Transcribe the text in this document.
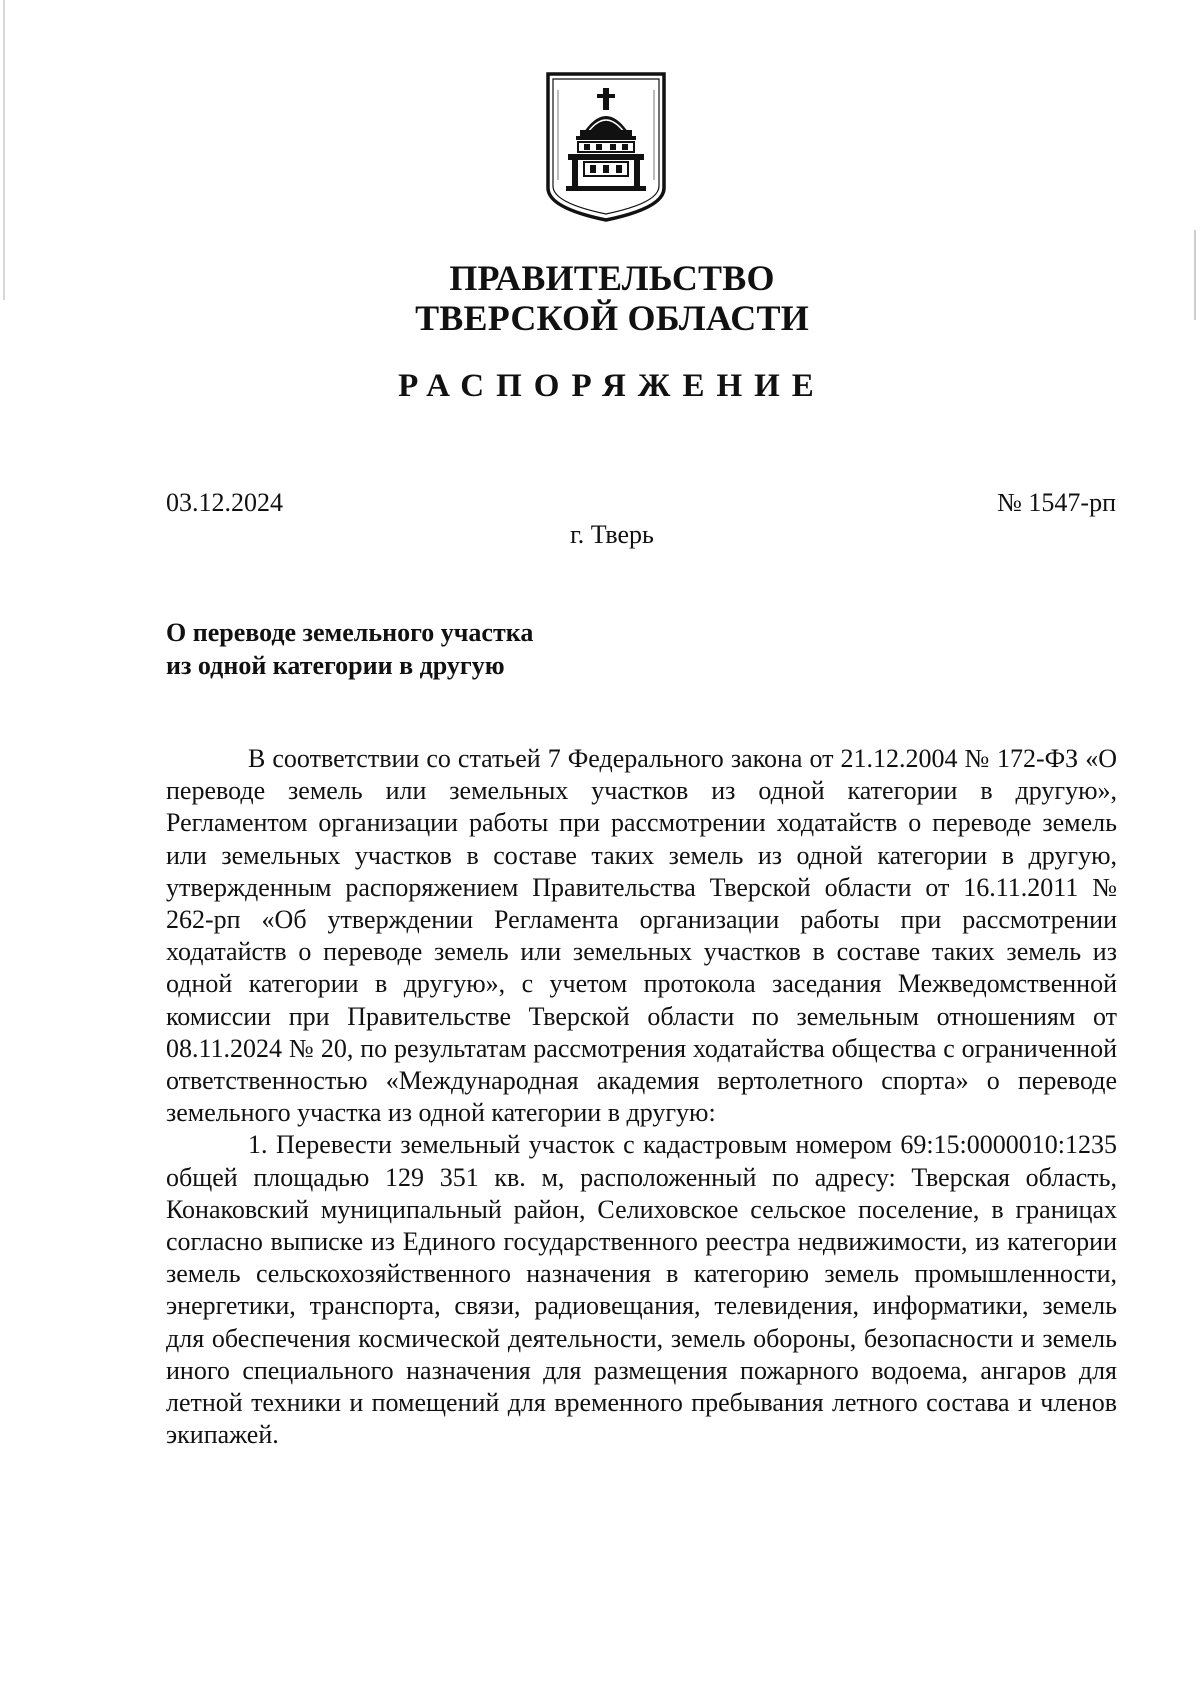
ПРАВИТЕЛЬСТВО
ТВЕРСКОЙ ОБЛАСТИ
РАСПОРЯЖЕНИЕ
03.12.2024	№ 1547-рп
г. Тверь
О переводе земельного участка
из одной категории в другую

В соответствии со статьей 7 Федерального закона от 21.12.2004 № 172-ФЗ «О переводе земель или земельных участков из одной категории в другую», Регламентом организации работы при рассмотрении ходатайств о переводе земель или земельных участков в составе таких земель из одной категории в другую, утвержденным распоряжением Правительства Тверской области от 16.11.2011 № 262-рп «Об утверждении Регламента организации работы при рассмотрении ходатайств о переводе земель или земельных участков в составе таких земель из одной категории в другую», с учетом протокола заседания Межведомственной комиссии при Правительстве Тверской области по земельным отношениям от 08.11.2024 № 20, по результатам рассмотрения ходатайства общества с ограниченной ответственностью «Международная академия вертолетного спорта» о переводе земельного участка из одной категории в другую:

1. Перевести земельный участок с кадастровым номером 69:15:0000010:1235 общей площадью 129 351 кв. м, расположенный по адресу: Тверская область, Конаковский муниципальный район, Селиховское сельское поселение, в границах согласно выписке из Единого государственного реестра недвижимости, из категории земель сельскохозяйственного назначения в категорию земель промышленности, энергетики, транспорта, связи, радиовещания, телевидения, информатики, земель для обеспечения космической деятельности, земель обороны, безопасности и земель иного специального назначения для размещения пожарного водоема, ангаров для летной техники и помещений для временного пребывания летного состава и членов экипажей.
